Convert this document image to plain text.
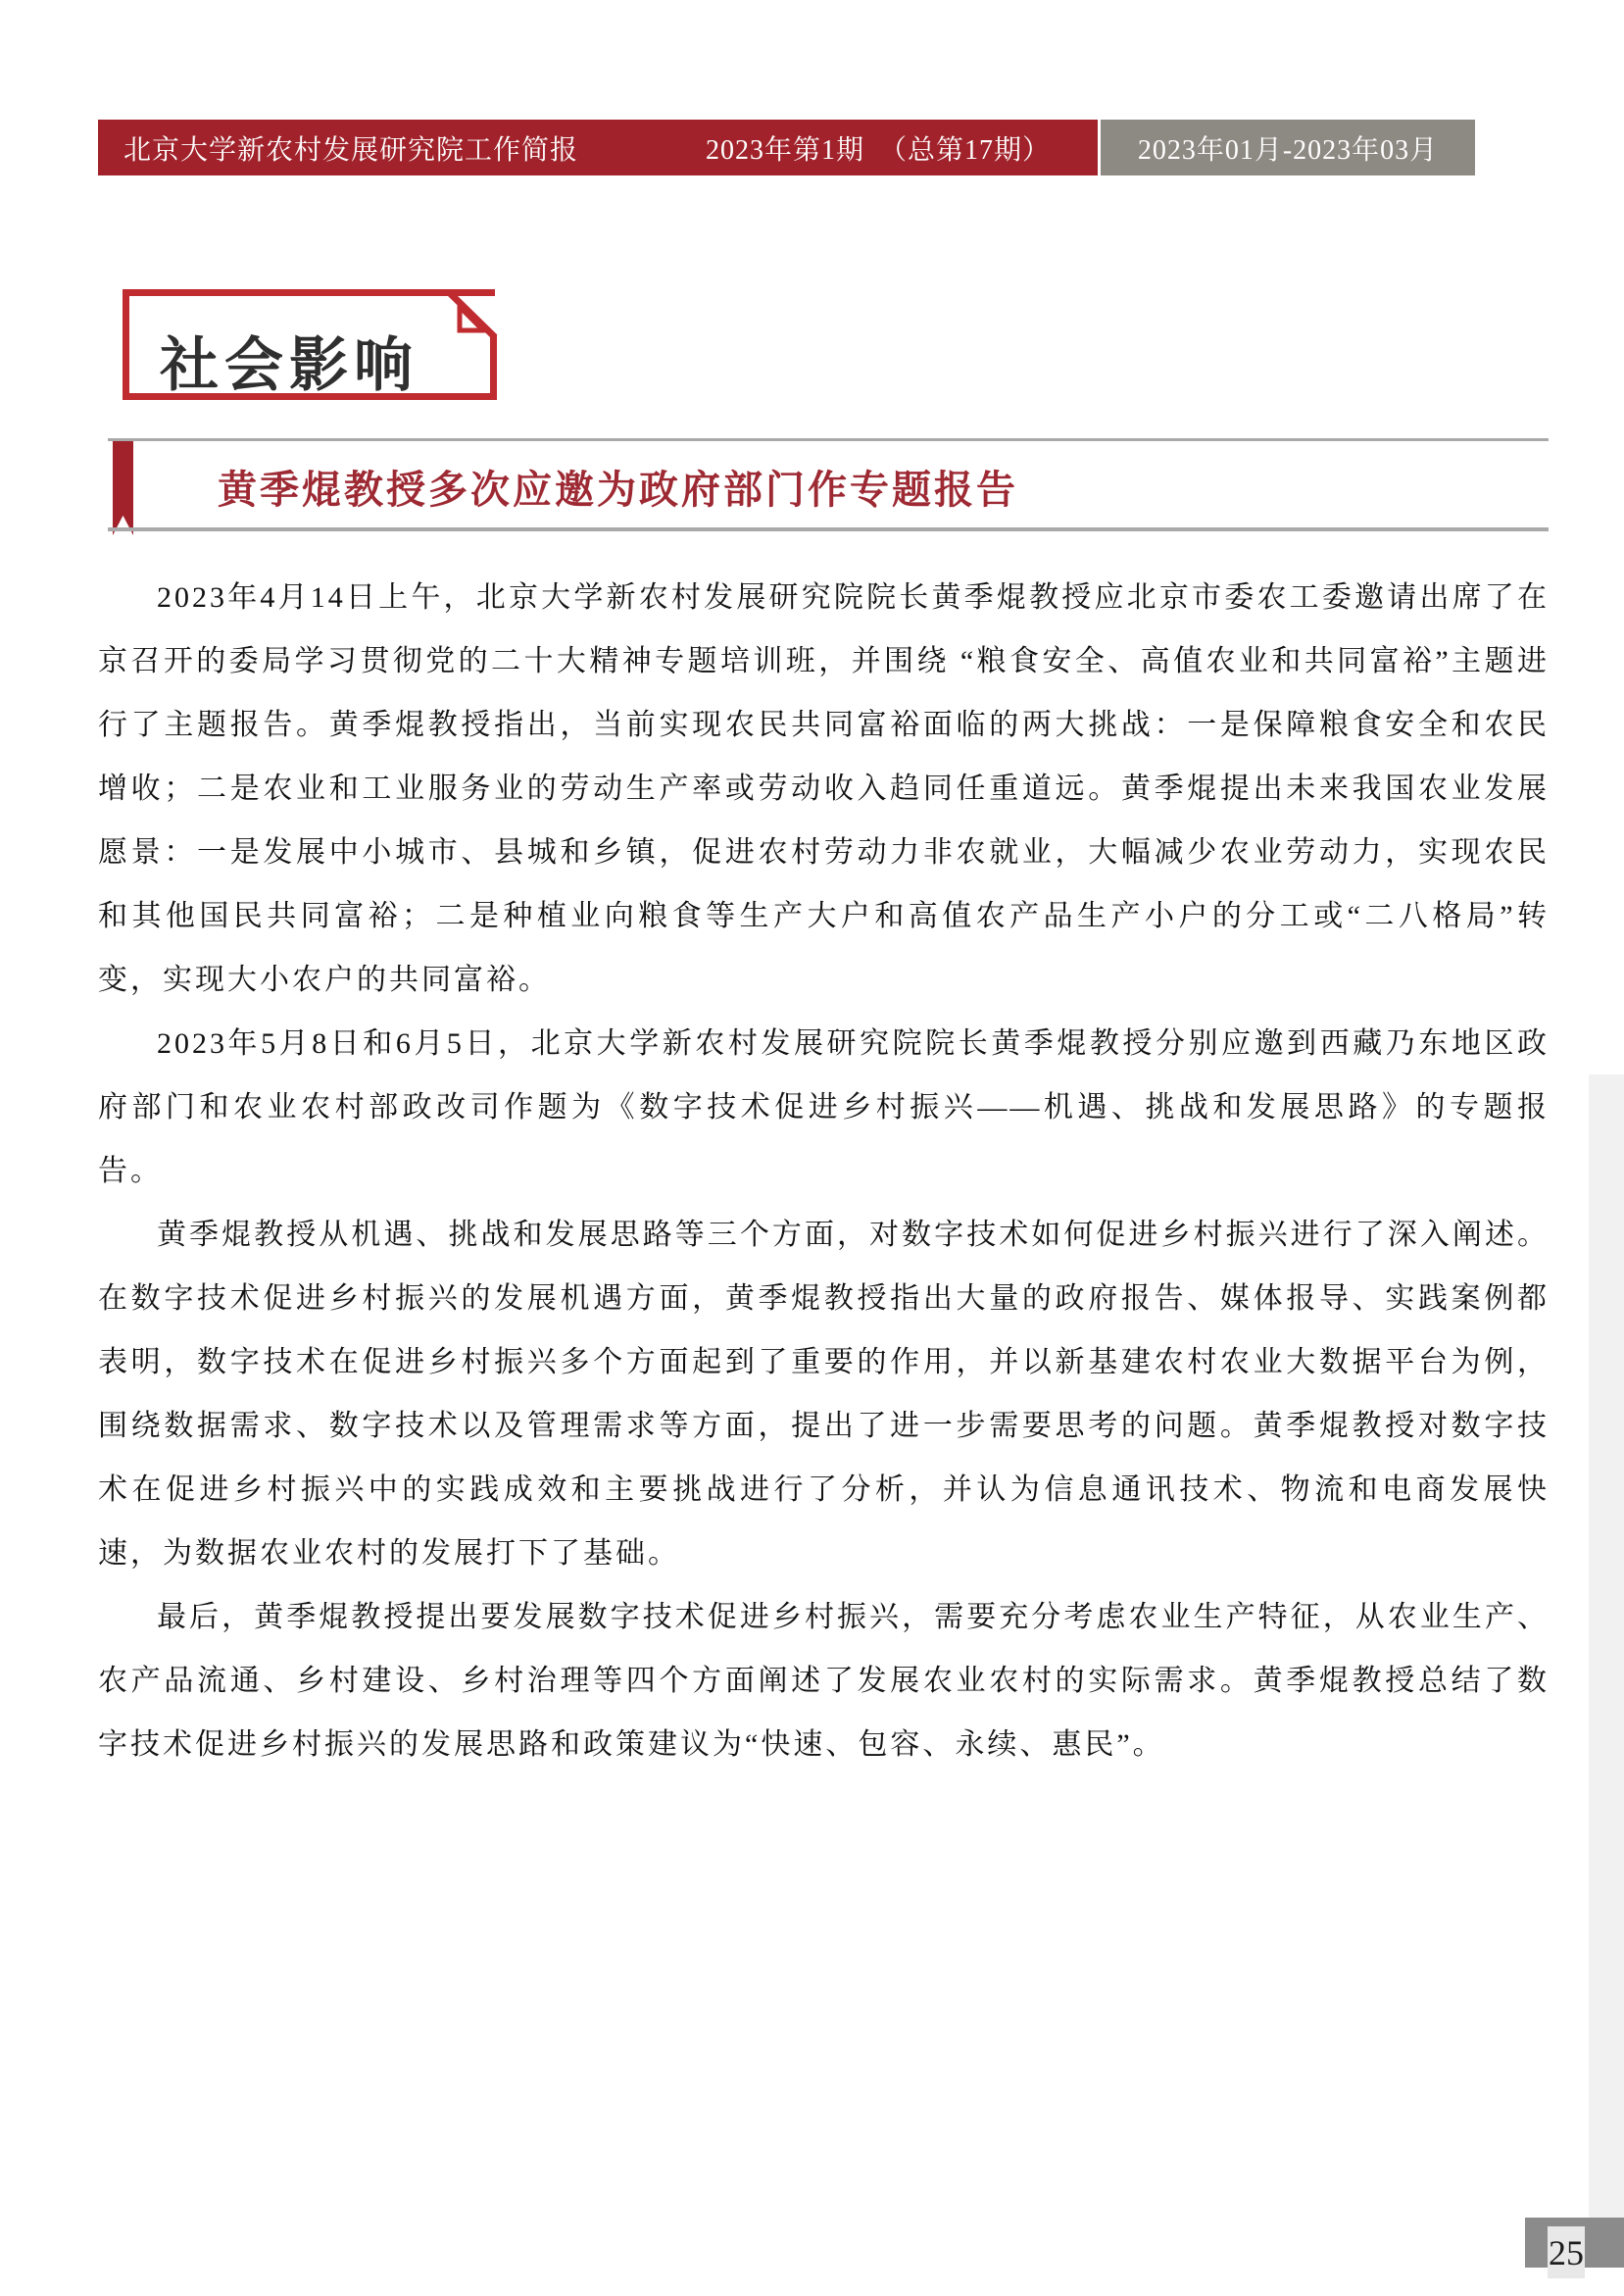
北京大学新农村发展研究院工作简报	2023年第1期　（总第17期）	2023年01月-2023年03月
社会影响
黄季焜教授多次应邀为政府部门作专题报告

2023年4月14日上午，北京大学新农村发展研究院院长黄季焜教授应北京市委农工委邀请出席了在京召开的委局学习贯彻党的二十大精神专题培训班，并围绕 “粮食安全、高值农业和共同富裕”主题进行了主题报告。黄季焜教授指出，当前实现农民共同富裕面临的两大挑战：一是保障粮食安全和农民增收；二是农业和工业服务业的劳动生产率或劳动收入趋同任重道远。黄季焜提出未来我国农业发展愿景：一是发展中小城市、县城和乡镇，促进农村劳动力非农就业，大幅减少农业劳动力，实现农民和其他国民共同富裕；二是种植业向粮食等生产大户和高值农产品生产小户的分工或“二八格局”转变，实现大小农户的共同富裕。

2023年5月8日和6月5日，北京大学新农村发展研究院院长黄季焜教授分别应邀到西藏乃东地区政府部门和农业农村部政改司作题为《数字技术促进乡村振兴——机遇、挑战和发展思路》的专题报告。

黄季焜教授从机遇、挑战和发展思路等三个方面，对数字技术如何促进乡村振兴进行了深入阐述。在数字技术促进乡村振兴的发展机遇方面，黄季焜教授指出大量的政府报告、媒体报导、实践案例都表明，数字技术在促进乡村振兴多个方面起到了重要的作用，并以新基建农村农业大数据平台为例，围绕数据需求、数字技术以及管理需求等方面，提出了进一步需要思考的问题。黄季焜教授对数字技术在促进乡村振兴中的实践成效和主要挑战进行了分析，并认为信息通讯技术、物流和电商发展快速，为数据农业农村的发展打下了基础。

最后，黄季焜教授提出要发展数字技术促进乡村振兴，需要充分考虑农业生产特征，从农业生产、农产品流通、乡村建设、乡村治理等四个方面阐述了发展农业农村的实际需求。黄季焜教授总结了数字技术促进乡村振兴的发展思路和政策建议为“快速、包容、永续、惠民”。

25
